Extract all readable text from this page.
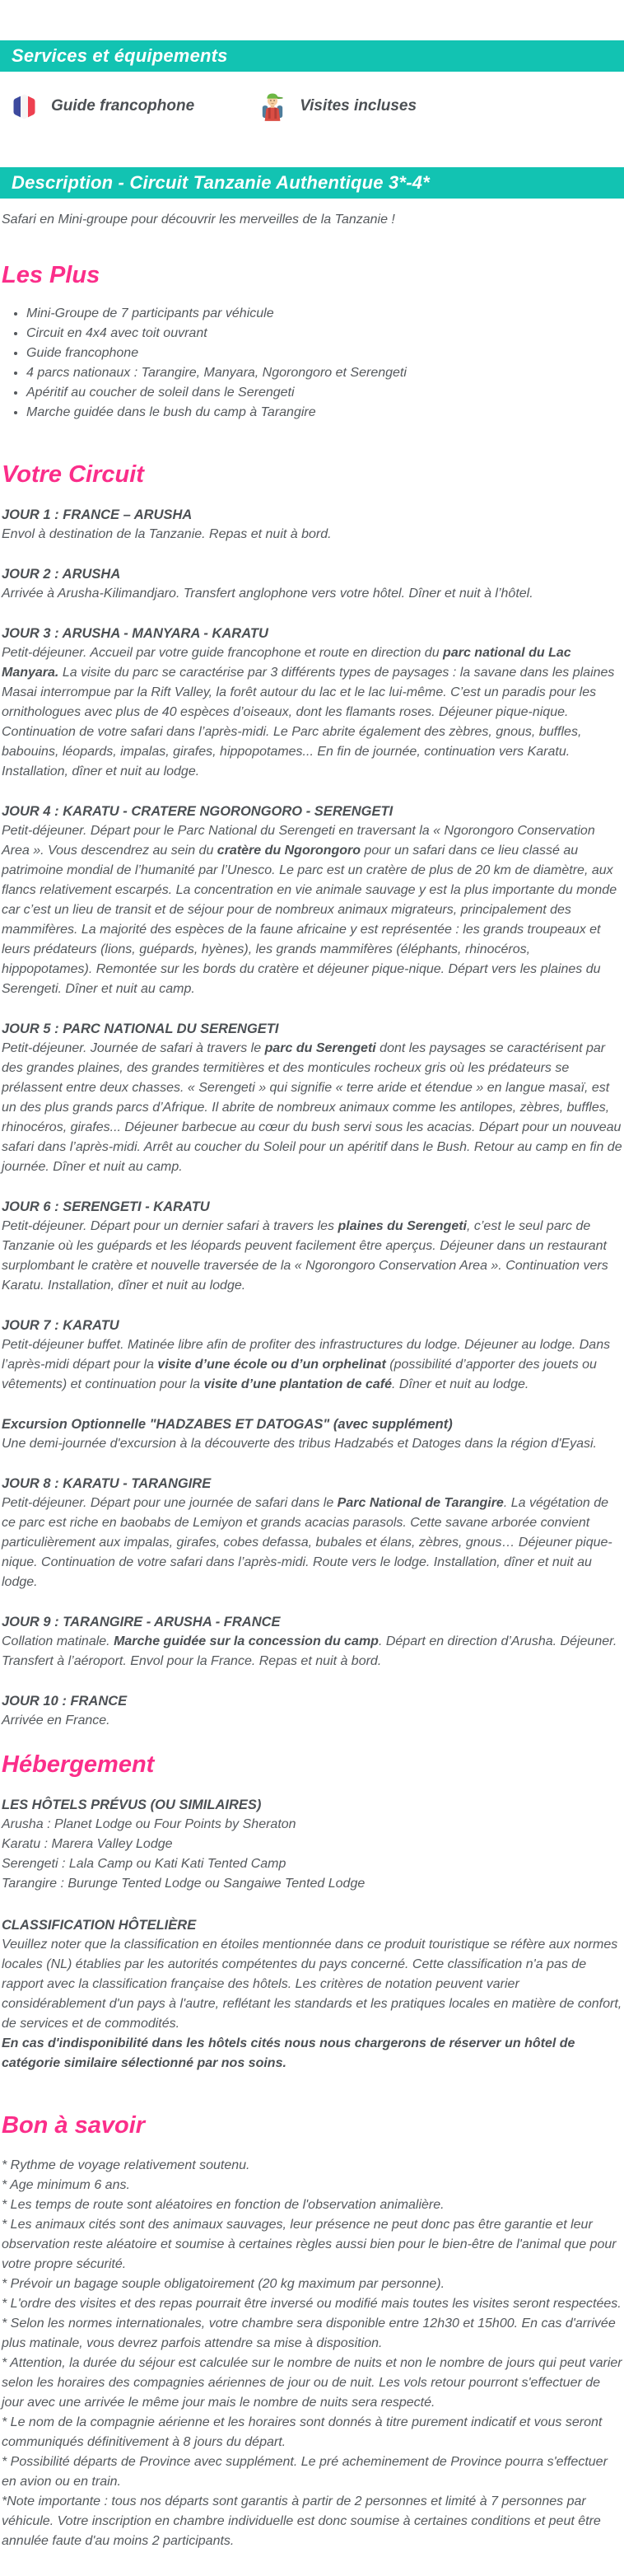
Services et équipements
Guide francophone	Visites incluses
Description - Circuit Tanzanie Authentique 3*-4*

Safari en Mini-groupe pour découvrir les merveilles de la Tanzanie !

Les Plus
• Mini-Groupe de 7 participants par véhicule
• Circuit en 4x4 avec toit ouvrant
• Guide francophone
• 4 parcs nationaux : Tarangire, Manyara, Ngorongoro et Serengeti
• Apéritif au coucher de soleil dans le Serengeti
• Marche guidée dans le bush du camp à Tarangire
Votre Circuit
JOUR 1 : FRANCE – ARUSHA
Envol à destination de la Tanzanie. Repas et nuit à bord.
JOUR 2 : ARUSHA
Arrivée à Arusha-Kilimandjaro. Transfert anglophone vers votre hôtel. Dîner et nuit à l’hôtel.
JOUR 3 : ARUSHA - MANYARA - KARATU
Petit-déjeuner. Accueil par votre guide francophone et route en direction du parc national du Lac Manyara. La visite du parc se caractérise par 3 différents types de paysages : la savane dans les plaines Masai interrompue par la Rift Valley, la forêt autour du lac et le lac lui-même. C’est un paradis pour les ornithologues avec plus de 40 espèces d’oiseaux, dont les flamants roses. Déjeuner pique-nique. Continuation de votre safari dans l’après-midi. Le Parc abrite également des zèbres, gnous, buffles, babouins, léopards, impalas, girafes, hippopotames... En fin de journée, continuation vers Karatu. Installation, dîner et nuit au lodge.
JOUR 4 : KARATU - CRATERE NGORONGORO - SERENGETI
Petit-déjeuner. Départ pour le Parc National du Serengeti en traversant la « Ngorongoro Conservation Area ». Vous descendrez au sein du cratère du Ngorongoro pour un safari dans ce lieu classé au patrimoine mondial de l’humanité par l’Unesco. Le parc est un cratère de plus de 20 km de diamètre, aux flancs relativement escarpés. La concentration en vie animale sauvage y est la plus importante du monde car c’est un lieu de transit et de séjour pour de nombreux animaux migrateurs, principalement des mammifères. La majorité des espèces de la faune africaine y est représentée : les grands troupeaux et leurs prédateurs (lions, guépards, hyènes), les grands mammifères (éléphants, rhinocéros, hippopotames). Remontée sur les bords du cratère et déjeuner pique-nique. Départ vers les plaines du Serengeti. Dîner et nuit au camp.
JOUR 5 : PARC NATIONAL DU SERENGETI
Petit-déjeuner. Journée de safari à travers le parc du Serengeti dont les paysages se caractérisent par des grandes plaines, des grandes termitières et des monticules rocheux gris où les prédateurs se prélassent entre deux chasses. « Serengeti » qui signifie « terre aride et étendue » en langue masaï, est un des plus grands parcs d’Afrique. Il abrite de nombreux animaux comme les antilopes, zèbres, buffles, rhinocéros, girafes... Déjeuner barbecue au cœur du bush servi sous les acacias. Départ pour un nouveau safari dans l’après-midi. Arrêt au coucher du Soleil pour un apéritif dans le Bush. Retour au camp en fin de journée. Dîner et nuit au camp.
JOUR 6 : SERENGETI - KARATU
Petit-déjeuner. Départ pour un dernier safari à travers les plaines du Serengeti, c’est le seul parc de Tanzanie où les guépards et les léopards peuvent facilement être aperçus. Déjeuner dans un restaurant surplombant le cratère et nouvelle traversée de la « Ngorongoro Conservation Area ». Continuation vers Karatu. Installation, dîner et nuit au lodge.
JOUR 7 : KARATU
Petit-déjeuner buffet. Matinée libre afin de profiter des infrastructures du lodge. Déjeuner au lodge. Dans l’après-midi départ pour la visite d’une école ou d’un orphelinat (possibilité d’apporter des jouets ou vêtements) et continuation pour la visite d’une plantation de café. Dîner et nuit au lodge.
Excursion Optionnelle "HADZABES ET DATOGAS" (avec supplément)
Une demi-journée d'excursion à la découverte des tribus Hadzabés et Datoges dans la région d'Eyasi.
JOUR 8 : KARATU - TARANGIRE
Petit-déjeuner. Départ pour une journée de safari dans le Parc National de Tarangire. La végétation de ce parc est riche en baobabs de Lemiyon et grands acacias parasols. Cette savane arborée convient particulièrement aux impalas, girafes, cobes defassa, bubales et élans, zèbres, gnous… Déjeuner pique-nique. Continuation de votre safari dans l’après-midi. Route vers le lodge. Installation, dîner et nuit au lodge.
JOUR 9 : TARANGIRE - ARUSHA - FRANCE
Collation matinale. Marche guidée sur la concession du camp. Départ en direction d’Arusha. Déjeuner. Transfert à l’aéroport. Envol pour la France. Repas et nuit à bord.
JOUR 10 : FRANCE
Arrivée en France.
Hébergement
LES HÔTELS PRÉVUS (OU SIMILAIRES)
Arusha : Planet Lodge ou Four Points by Sheraton
Karatu : Marera Valley Lodge
Serengeti : Lala Camp ou Kati Kati Tented Camp
Tarangire : Burunge Tented Lodge ou Sangaiwe Tented Lodge
CLASSIFICATION HÔTELIÈRE
Veuillez noter que la classification en étoiles mentionnée dans ce produit touristique se réfère aux normes locales (NL) établies par les autorités compétentes du pays concerné. Cette classification n'a pas de rapport avec la classification française des hôtels. Les critères de notation peuvent varier considérablement d'un pays à l'autre, reflétant les standards et les pratiques locales en matière de confort, de services et de commodités.
En cas d'indisponibilité dans les hôtels cités nous nous chargerons de réserver un hôtel de catégorie similaire sélectionné par nos soins.
Bon à savoir
* Rythme de voyage relativement soutenu.
* Age minimum 6 ans.
* Les temps de route sont aléatoires en fonction de l'observation animalière.
* Les animaux cités sont des animaux sauvages, leur présence ne peut donc pas être garantie et leur observation reste aléatoire et soumise à certaines règles aussi bien pour le bien-être de l'animal que pour votre propre sécurité.
* Prévoir un bagage souple obligatoirement (20 kg maximum par personne).
* L'ordre des visites et des repas pourrait être inversé ou modifié mais toutes les visites seront respectées.
* Selon les normes internationales, votre chambre sera disponible entre 12h30 et 15h00. En cas d'arrivée plus matinale, vous devrez parfois attendre sa mise à disposition.
* Attention, la durée du séjour est calculée sur le nombre de nuits et non le nombre de jours qui peut varier selon les horaires des compagnies aériennes de jour ou de nuit. Les vols retour pourront s'effectuer de jour avec une arrivée le même jour mais le nombre de nuits sera respecté.
* Le nom de la compagnie aérienne et les horaires sont donnés à titre purement indicatif et vous seront communiqués définitivement à 8 jours du départ.
* Possibilité départs de Province avec supplément. Le pré acheminement de Province pourra s'effectuer en avion ou en train.
*Note importante : tous nos départs sont garantis à partir de 2 personnes et limité à 7 personnes par véhicule. Votre inscription en chambre individuelle est donc soumise à certaines conditions et peut être annulée faute d'au moins 2 participants.
